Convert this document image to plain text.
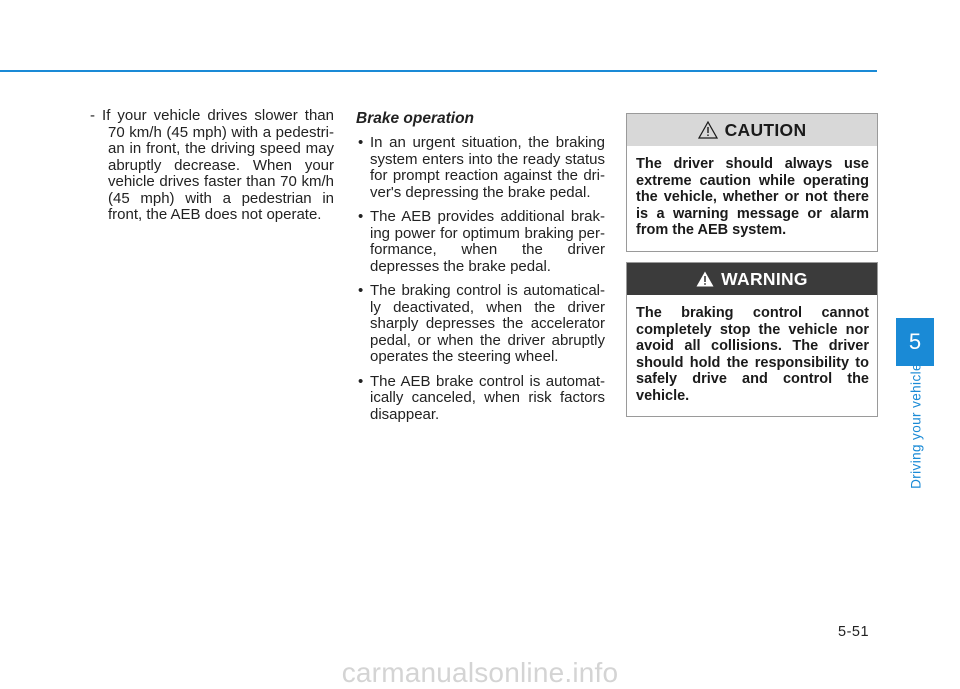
- If your vehicle drives slower than 70 km/h (45 mph) with a pedestri-an in front, the driving speed may abruptly decrease. When your vehicle drives faster than 70 km/h (45 mph) with a pedestrian in front, the AEB does not operate.

Brake operation

• In an urgent situation, the braking system enters into the ready status for prompt reaction against the dri-ver's depressing the brake pedal.

• The AEB provides additional brak-ing power for optimum braking per-formance, when the driver depresses the brake pedal.

• The braking control is automatical-ly deactivated, when the driver sharply depresses the accelerator pedal, or when the driver abruptly operates the steering wheel.

• The AEB brake control is automat-ically canceled, when risk factors disappear.

CAUTION
The driver should always use extreme caution while operating the vehicle, whether or not there is a warning message or alarm from the AEB system.
WARNING
The braking control cannot completely stop the vehicle nor avoid all collisions. The driver should hold the responsibility to safely drive and control the vehicle.
5
Driving your vehicle
5-51
carmanualsonline.info
